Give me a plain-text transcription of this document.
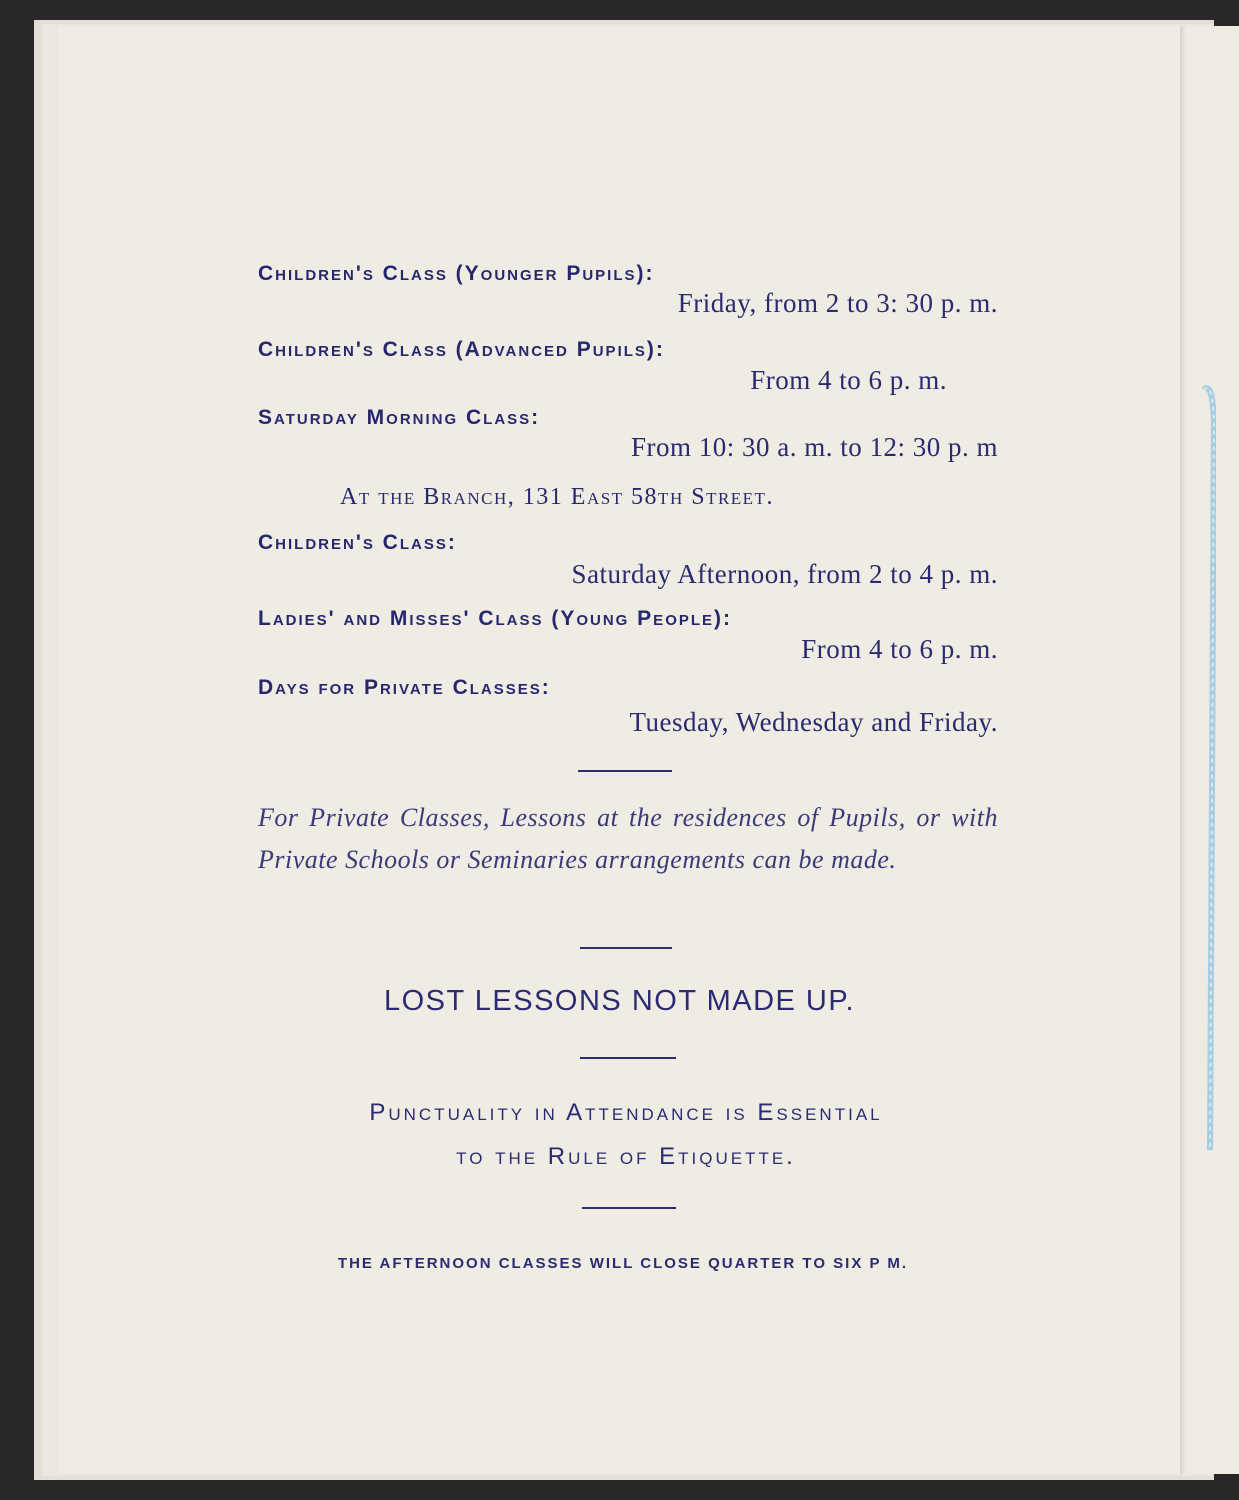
Children's Class (Younger Pupils):
Friday, from 2 to 3: 30 p. m.
Children's Class (Advanced Pupils):
From 4 to 6 p. m.
Saturday Morning Class:
From 10: 30 a. m. to 12: 30 p. m
At the Branch, 131 East 58th Street.
Children's Class:
Saturday Afternoon, from 2 to 4 p. m.
Ladies' and Misses' Class (Young People):
From 4 to 6 p. m.
Days for Private Classes:
Tuesday, Wednesday and Friday.
For Private Classes, Lessons at the residences of Pupils, or with Private Schools or Seminaries arrangements can be made.
LOST LESSONS NOT MADE UP.
Punctuality in Attendance is Essential
to the Rule of Etiquette.
THE AFTERNOON CLASSES WILL CLOSE QUARTER TO SIX P M.
